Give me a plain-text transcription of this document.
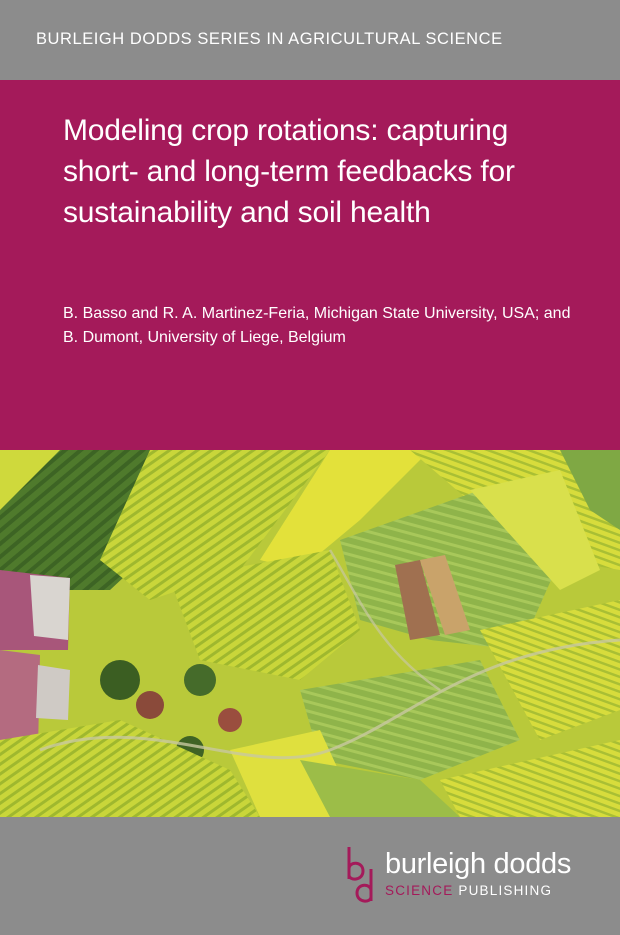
BURLEIGH DODDS SERIES IN AGRICULTURAL SCIENCE
Modeling crop rotations: capturing short- and long-term feedbacks for sustainability and soil health

B. Basso and R. A. Martinez-Feria, Michigan State University, USA; and B. Dumont, University of Liege, Belgium

burleigh dodds
SCIENCE PUBLISHING
